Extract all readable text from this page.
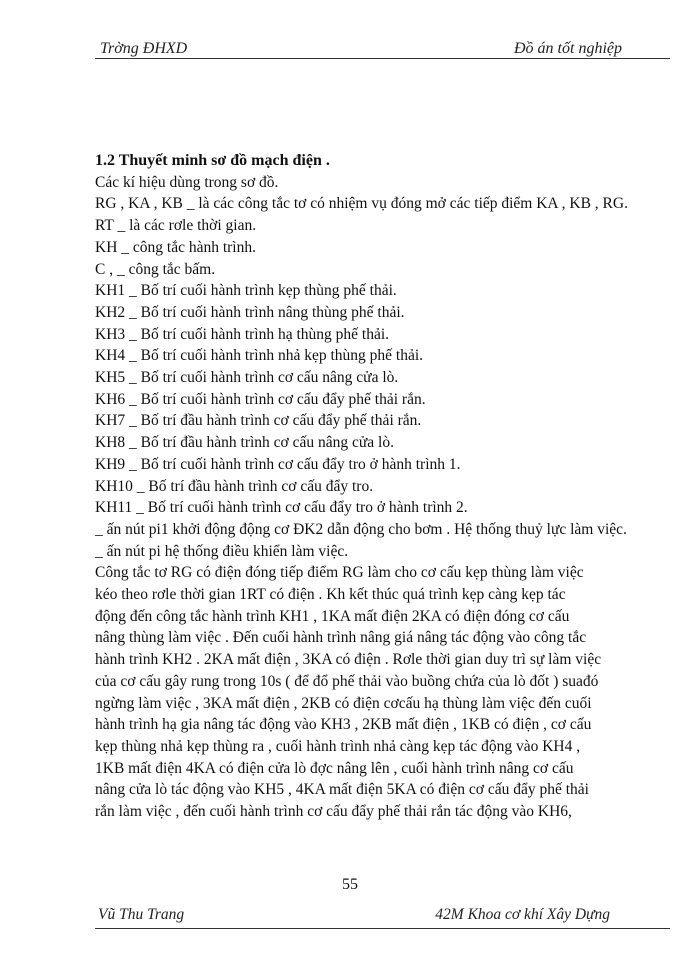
Trờng ĐHXD	Đồ án tốt nghiệp
1.2 Thuyết minh sơ đồ mạch điện .
Các kí hiệu dùng trong sơ đồ.
RG , KA , KB _ là các công tắc tơ có nhiệm vụ đóng mở các tiếp điểm KA , KB , RG.
RT _ là các rơle thời gian.
KH _ công tắc hành trình.
C , _ công tắc bấm.
KH1 _ Bố trí cuối hành trình kẹp thùng phế thải.
KH2 _ Bố trí cuối hành trình nâng thùng phế thải.
KH3 _ Bố trí cuối hành trình hạ thùng phế thải.
KH4 _ Bố trí cuối hành trình nhả kẹp thùng phế thải.
KH5 _ Bố trí cuối hành trình cơ cấu nâng cửa lò.
KH6 _ Bố trí cuối hành trình cơ cấu đẩy phế thải rắn.
KH7 _ Bố trí đầu hành trình cơ cấu đẩy phế thải rắn.
KH8 _ Bố trí đầu hành trình cơ cấu nâng cửa lò.
KH9 _ Bố trí cuối hành trình cơ cấu đẩy tro ở hành trình 1.
KH10 _ Bố trí đầu hành trình cơ cấu đẩy tro.
KH11 _ Bố trí cuối hành trình cơ cấu đẩy tro ở hành trình 2.
_ ấn nút pi1 khởi động động cơ ĐK2 dẫn động cho bơm . Hệ thống thuỷ lực làm việc.
_ ấn nút pi hệ thống điều khiển làm việc.
Công tắc tơ RG có điện đóng tiếp điểm RG làm cho cơ cấu kẹp thùng làm việc
kéo theo rơle thời gian 1RT có điện . Kh kết thúc quá trình kẹp càng kẹp tác
động đến công tắc hành trình KH1 , 1KA mất điện 2KA có điện đóng cơ cấu
nâng thùng làm việc . Đến cuối hành trình nâng giá nâng tác động vào công tắc
hành trình KH2 . 2KA mất điện , 3KA có điện . Rơle thời gian duy trì sự làm việc
của cơ cấu gây rung trong 10s ( để đổ phế thải vào buồng chứa của lò đốt ) suađó
ngừng làm việc , 3KA mất điện , 2KB có điện cơcấu hạ thùng làm việc đến cuối
hành trình hạ gia nâng tác động vào KH3 , 2KB mất điện , 1KB có điện , cơ cấu
kẹp thùng nhả kẹp thùng ra , cuối hành trình nhả càng kẹp tác động vào KH4 ,
1KB mất điện 4KA có điện cửa lò đợc nâng lên , cuối hành trình nâng cơ cấu
nâng cửa lò tác động vào KH5 , 4KA mất điện 5KA có điện cơ cấu đẩy phế thải
rắn làm việc , đến cuối hành trình cơ cấu đẩy phế thải rắn tác động vào KH6,
55
Vũ Thu Trang	42M Khoa cơ khí Xây Dựng
